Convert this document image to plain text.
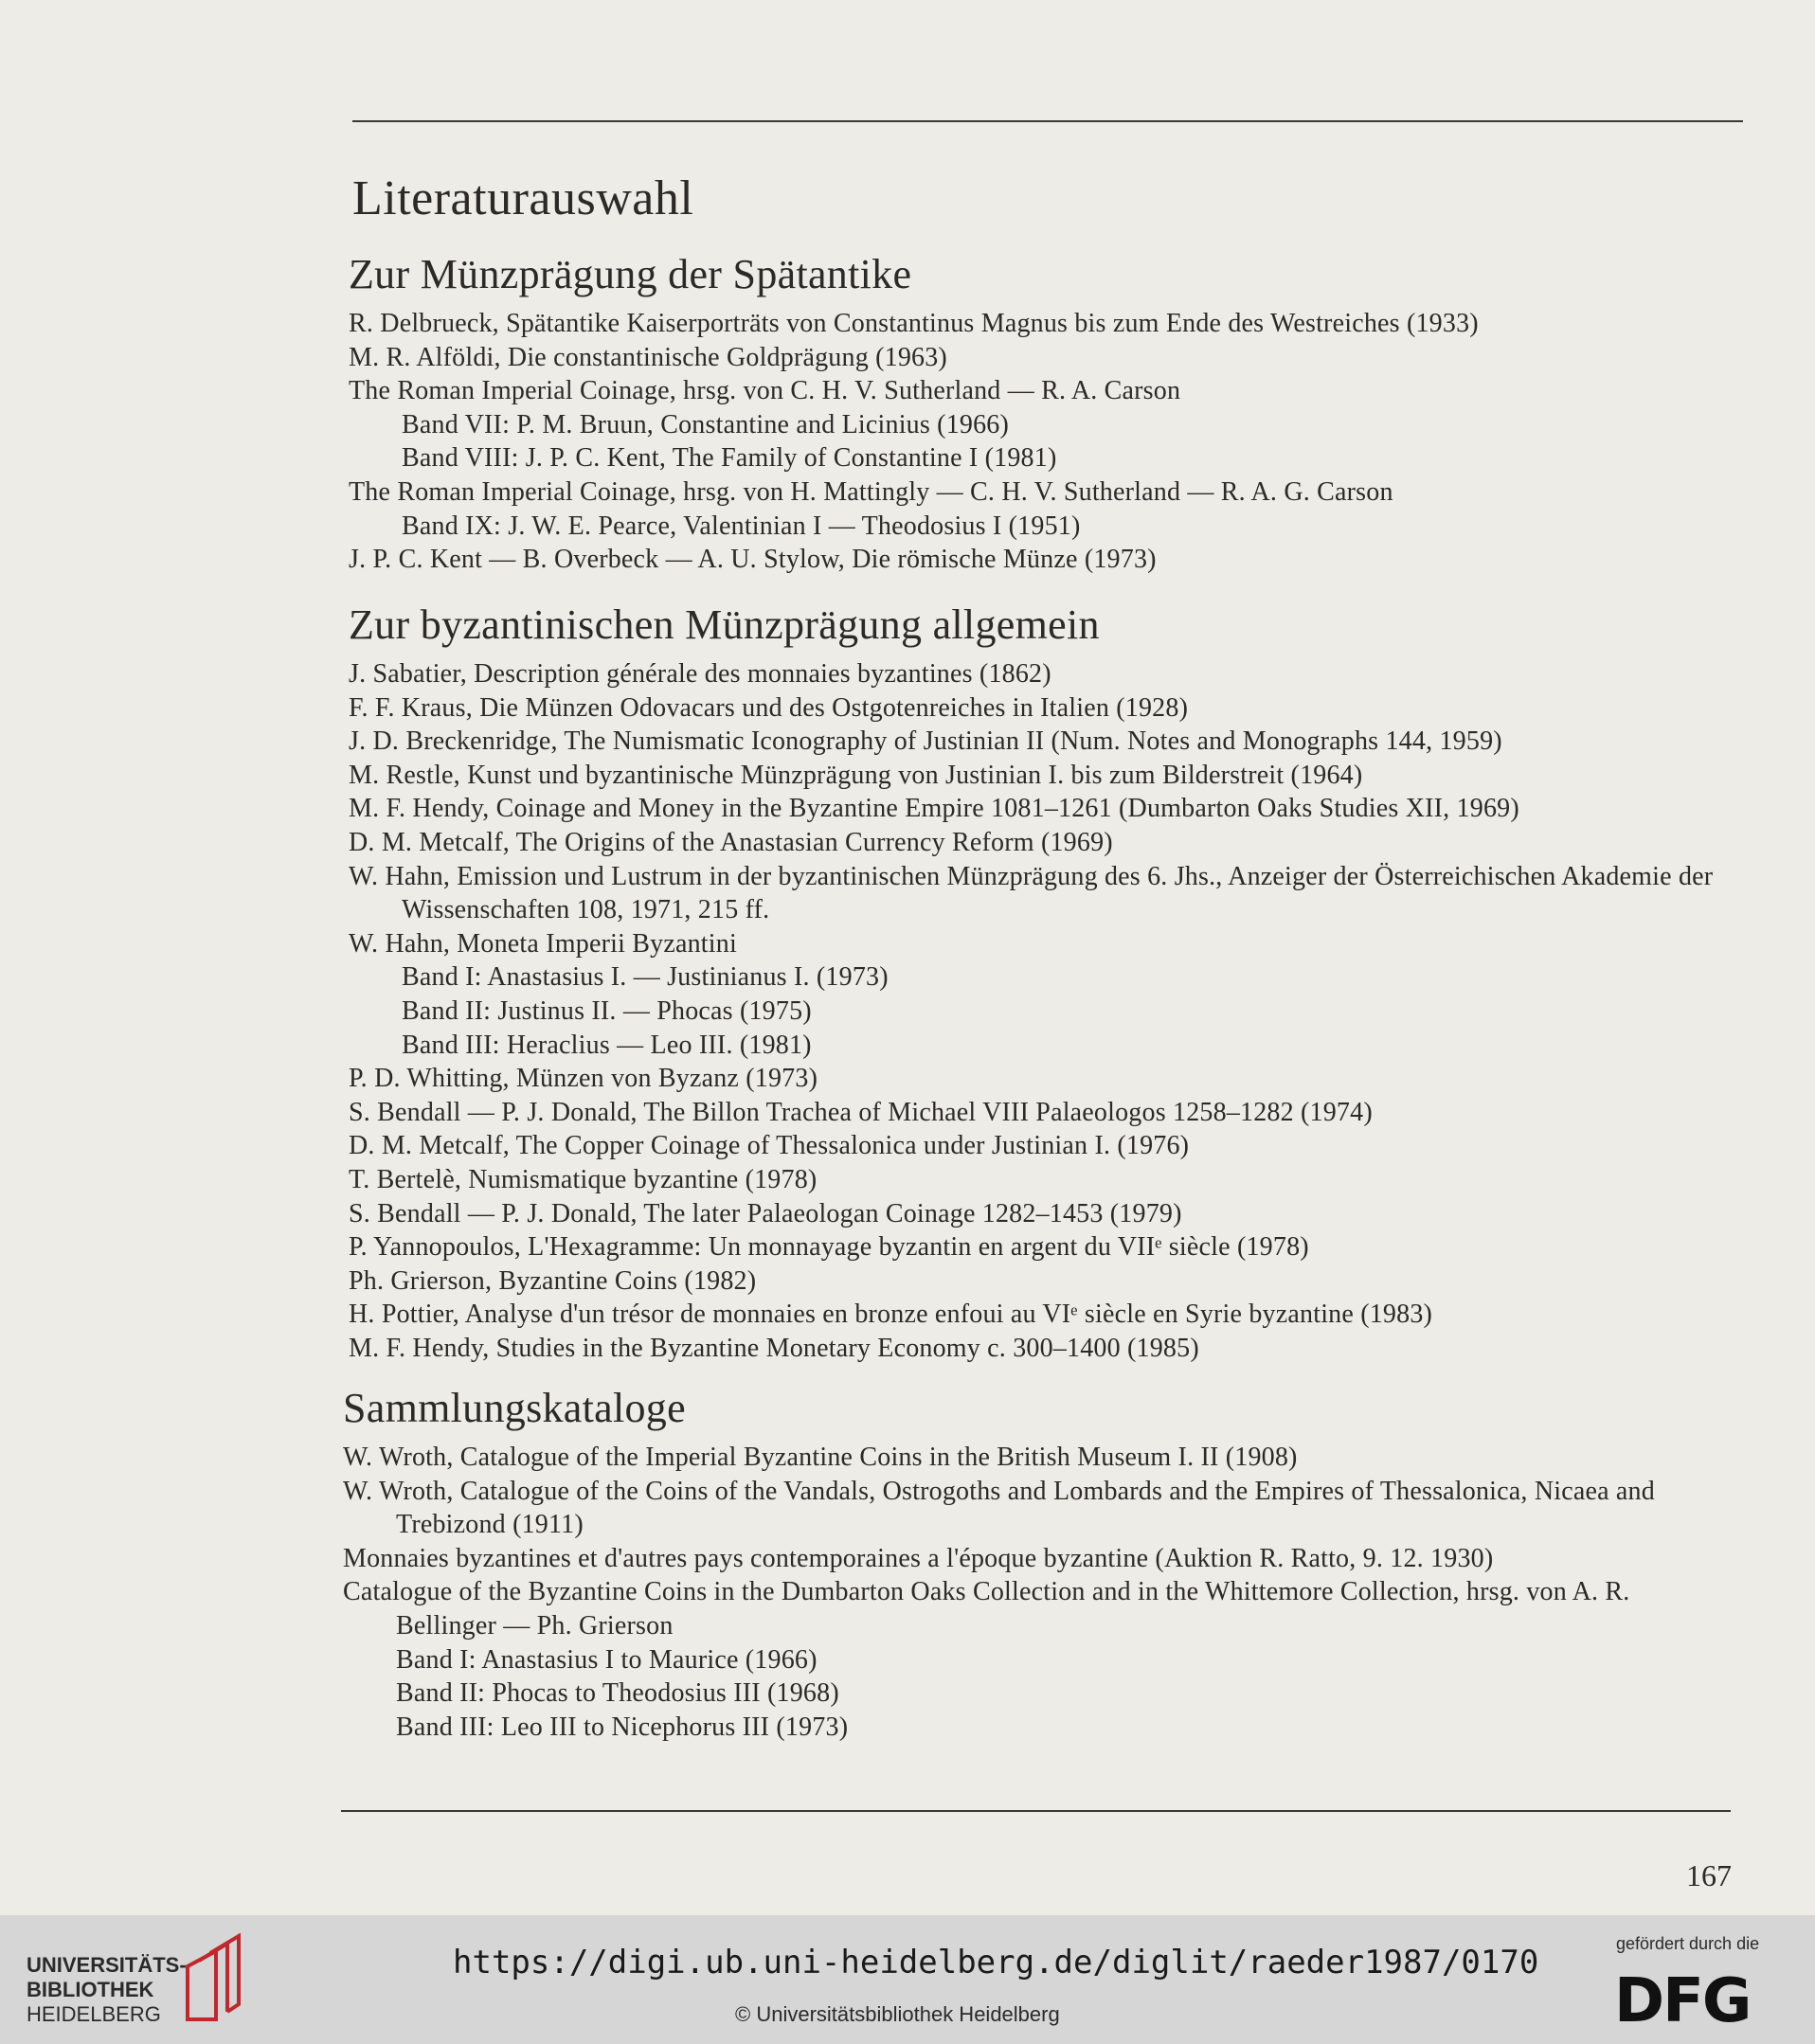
Literaturauswahl
Zur Münzprägung der Spätantike
R. Delbrueck, Spätantike Kaiserporträts von Constantinus Magnus bis zum Ende des Westreiches (1933)
M. R. Alföldi, Die constantinische Goldprägung (1963)
The Roman Imperial Coinage, hrsg. von C. H. V. Sutherland — R. A. Carson
Band VII: P. M. Bruun, Constantine and Licinius (1966)
Band VIII: J. P. C. Kent, The Family of Constantine I (1981)
The Roman Imperial Coinage, hrsg. von H. Mattingly — C. H. V. Sutherland — R. A. G. Carson
Band IX: J. W. E. Pearce, Valentinian I — Theodosius I (1951)
J. P. C. Kent — B. Overbeck — A. U. Stylow, Die römische Münze (1973)
Zur byzantinischen Münzprägung allgemein
J. Sabatier, Description générale des monnaies byzantines (1862)
F. F. Kraus, Die Münzen Odovacars und des Ostgotenreiches in Italien (1928)
J. D. Breckenridge, The Numismatic Iconography of Justinian II (Num. Notes and Monographs 144, 1959)
M. Restle, Kunst und byzantinische Münzprägung von Justinian I. bis zum Bilderstreit (1964)
M. F. Hendy, Coinage and Money in the Byzantine Empire 1081–1261 (Dumbarton Oaks Studies XII, 1969)
D. M. Metcalf, The Origins of the Anastasian Currency Reform (1969)
W. Hahn, Emission und Lustrum in der byzantinischen Münzprägung des 6. Jhs., Anzeiger der Österreichischen Akademie der Wissenschaften 108, 1971, 215 ff.
W. Hahn, Moneta Imperii Byzantini
Band I: Anastasius I. — Justinianus I. (1973)
Band II: Justinus II. — Phocas (1975)
Band III: Heraclius — Leo III. (1981)
P. D. Whitting, Münzen von Byzanz (1973)
S. Bendall — P. J. Donald, The Billon Trachea of Michael VIII Palaeologos 1258–1282 (1974)
D. M. Metcalf, The Copper Coinage of Thessalonica under Justinian I. (1976)
T. Bertelè, Numismatique byzantine (1978)
S. Bendall — P. J. Donald, The later Palaeologan Coinage 1282–1453 (1979)
P. Yannopoulos, L'Hexagramme: Un monnayage byzantin en argent du VIIᵉ siècle (1978)
Ph. Grierson, Byzantine Coins (1982)
H. Pottier, Analyse d'un trésor de monnaies en bronze enfoui au VIᵉ siècle en Syrie byzantine (1983)
M. F. Hendy, Studies in the Byzantine Monetary Economy c. 300–1400 (1985)
Sammlungskataloge
W. Wroth, Catalogue of the Imperial Byzantine Coins in the British Museum I. II (1908)
W. Wroth, Catalogue of the Coins of the Vandals, Ostrogoths and Lombards and the Empires of Thessalonica, Nicaea and Trebizond (1911)
Monnaies byzantines et d'autres pays contemporaines a l'époque byzantine (Auktion R. Ratto, 9. 12. 1930)
Catalogue of the Byzantine Coins in the Dumbarton Oaks Collection and in the Whittemore Collection, hrsg. von A. R. Bellinger — Ph. Grierson
Band I: Anastasius I to Maurice (1966)
Band II: Phocas to Theodosius III (1968)
Band III: Leo III to Nicephorus III (1973)
167
UNIVERSITÄTS-
BIBLIOTHEK
HEIDELBERG
https://digi.ub.uni-heidelberg.de/diglit/raeder1987/0170
© Universitätsbibliothek Heidelberg
gefördert durch die
DFG
